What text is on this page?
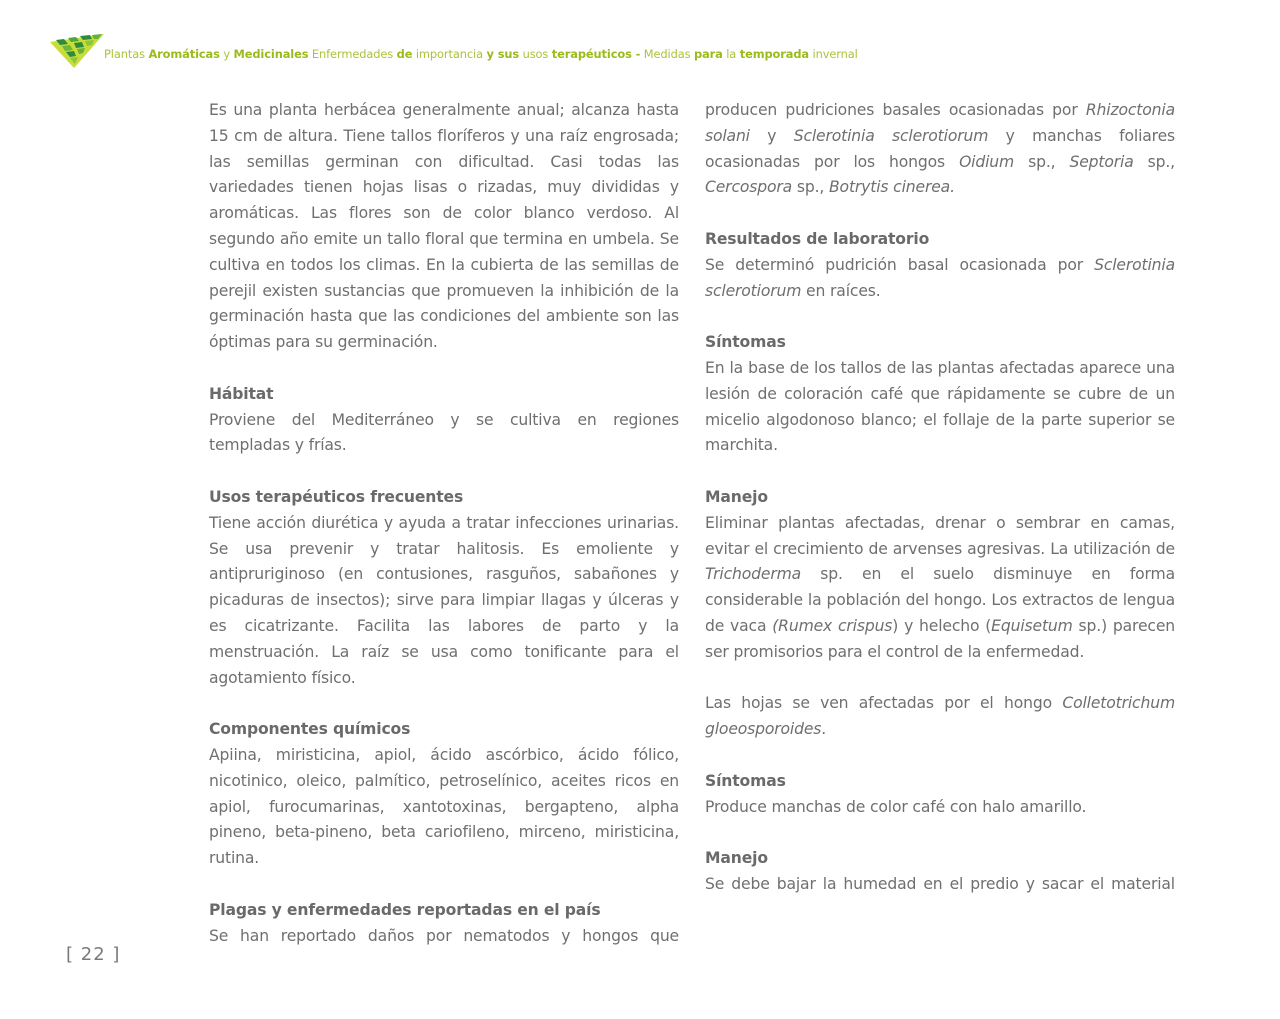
Plantas Aromáticas y Medicinales Enfermedades de importancia y sus usos terapéuticos - Medidas para la temporada invernal

Es una planta herbácea generalmente anual; alcanza hasta 15 cm de altura. Tiene tallos floríferos y una raíz engrosada; las semillas germinan con dificultad. Casi todas las variedades tienen hojas lisas o rizadas, muy divididas y aromáticas. Las flores son de color blanco verdoso. Al segundo año emite un tallo floral que termina en umbela. Se cultiva en todos los climas. En la cubierta de las semillas de perejil existen sustancias que promueven la inhibición de la germinación hasta que las condiciones del ambiente son las óptimas para su germinación.

Hábitat

Proviene del Mediterráneo y se cultiva en regiones templadas y frías.

Usos terapéuticos frecuentes

Tiene acción diurética y ayuda a tratar infecciones urinarias. Se usa prevenir y tratar halitosis. Es emoliente y antipruriginoso (en contusiones, rasguños, sabañones y picaduras de insectos); sirve para limpiar llagas y úlceras y es cicatrizante. Facilita las labores de parto y la menstruación. La raíz se usa como tonificante para el agotamiento físico.

Componentes químicos

Apiina, miristicina, apiol, ácido ascórbico, ácido fólico, nicotinico, oleico, palmítico, petroselínico, aceites ricos en apiol, furocumarinas, xantotoxinas, bergapteno, alpha pineno, beta-pineno, beta cariofileno, mirceno, miristicina, rutina.

Plagas y enfermedades reportadas en el país

Se han reportado daños por nematodos y hongos que

producen pudriciones basales ocasionadas por Rhizoctonia solani y Sclerotinia sclerotiorum y manchas foliares ocasionadas por los hongos Oidium sp., Septoria sp., Cercospora sp., Botrytis cinerea.

Resultados de laboratorio

Se determinó pudrición basal ocasionada por Sclerotinia sclerotiorum en raíces.

Síntomas

En la base de los tallos de las plantas afectadas aparece una lesión de coloración café que rápidamente se cubre de un micelio algodonoso blanco; el follaje de la parte superior se marchita.

Manejo

Eliminar plantas afectadas, drenar o sembrar en camas, evitar el crecimiento de arvenses agresivas. La utilización de Trichoderma sp. en el suelo disminuye en forma considerable la población del hongo. Los extractos de lengua de vaca (Rumex crispus) y helecho (Equisetum sp.) parecen ser promisorios para el control de la enfermedad.

Las hojas se ven afectadas por el hongo Colletotrichum gloeosporoides.

Síntomas

Produce manchas de color café con halo amarillo.

Manejo

Se debe bajar la humedad en el predio y sacar el material

[ 22 ]
